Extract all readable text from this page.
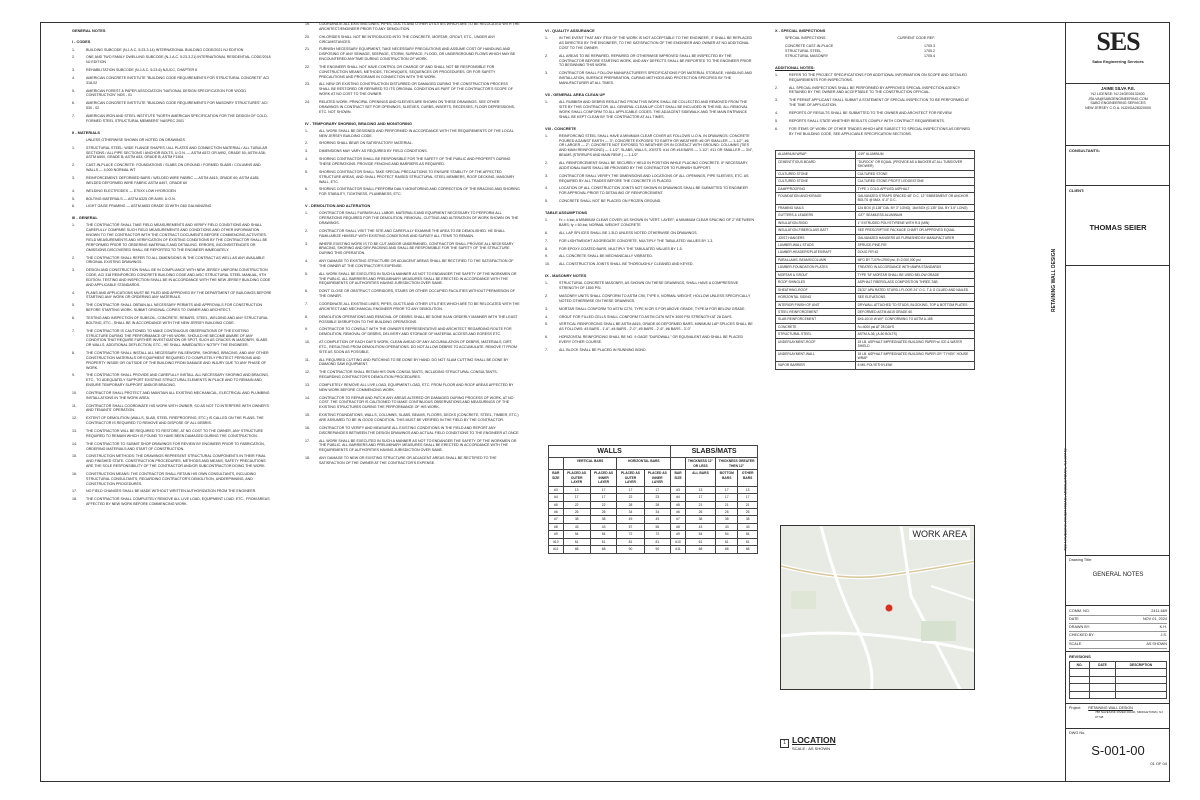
GENERAL NOTES
I - CODES
1.	BUILDING SUBCODE (N.J.A.C. 5:23-3.14) INTERNATIONAL BUILDING CODE/2021 NJ EDITION
2.	ONE AND TWO FAMILY DWELLING SUBCODE (N.J.A.C. 5:23-3.21) INTERNATIONAL RESIDENTIAL CODE/2018 NJ EDITION
3.	REHABILITATION SUBCODE (N.J.A.C. 5:23-6) NJUCC, CHAPTER 6
4.	AMERICAN CONCRETE INSTITUTE "BUILDING CODE REQUIREMENTS FOR STRUCTURAL CONCRETE" ACI 318-02
5.	AMERICAN FOREST & PAPER ASSOCIATION "NATIONAL DESIGN SPECIFICATION FOR WOOD CONSTRUCTION" NDS - 01
6.	AMERICAN CONCRETE INSTITUTE "BUILDING CODE REQUIREMENTS FOR MASONRY STRUCTURES" ACI 530 - 02
7.	AMERICAN IRON AND STEEL INSTITUTE "NORTH AMERICAN SPECIFICATION FOR THE DESIGN OF COLD-FORMED STEEL STRUCTURAL MEMBERS" NASPEC 2001
II - MATERIALS
UNLESS OTHERWISE SHOWN OR NOTED ON DRAWINGS
1.	STRUCTURAL STEEL: WIDE FLANGE SHAPES / ALL PLATES AND CONNECTION MATERIAL / ALL TUBULAR SECTIONS / ALL PIPE SECTIONS / ANCHOR BOLTS, U.O.N. — ASTM A572 OR A992, GRADE 50; ASTM A36; ASTM A500, GRADE B; ASTM A53, GRADE B; ASTM F1554
2.	CAST-IN-PLACE CONCRETE: FOUNDATIONS / SLABS ON GROUND / FORMED SLABS / COLUMNS AND WALLS — 4,000 NORMAL WT
3.	REINFORCEMENT: DEFORMED BARS / WELDED WIRE FABRIC — ASTM A615, GRADE 60; ASTM A185; WELDED DEFORMED WIRE FABRIC ASTM A497, GRADE 60
4.	WELDING ELECTRODES — E70XX LOW HYDROGEN
5.	BOLTING MATERIALS — ASTM A325 OR A490, U.O.N.
6.	LIGHT GAGE FRAMING — ASTM A653 GRADE 33 WITH G60 GALVANIZING
III - GENERAL
1.	THE CONTRACTOR SHALL TAKE FIELD MEASUREMENTS AND VERIFY FIELD CONDITIONS AND SHALL CAREFULLY COMPARE SUCH FIELD MEASUREMENTS AND CONDITIONS AND OTHER INFORMATION KNOWN TO THE CONTRACTOR WITH THE CONTRACT DOCUMENTS BEFORE COMMENCING ACTIVITIES. FIELD MEASUREMENTS AND VERIFICATION OF EXISTING CONDITIONS BY THE CONTRACTOR SHALL BE PERFORMED PRIOR TO ORDERING MATERIALS AND DETAILING. ERRORS, INCONSISTENCIES OR OMISSIONS DISCOVERED SHALL BE REPORTED TO THE ENGINEER IMMEDIATELY.
2.	THE CONTRACTOR SHALL REFER TO ALL DIMENSIONS IN THE CONTRACT AS WELL AS ANY AVAILABLE ORIGINAL EXISTING DRAWINGS.
3.	DESIGN AND CONSTRUCTION SHALL BE IN COMPLIANCE WITH NEW JERSEY UNIFORM CONSTRUCTION CODE, ACI 318 REINFORCED CONCRETE BUILDING CODE AND AISC STRUCTURAL STEEL MANUAL, 9TH EDITION. TESTING AND INSPECTION SHALL BE IN ACCORDANCE WITH THE NEW JERSEY BUILDING CODE AND APPLICABLE STANDARDS.
4.	PLANS AND APPLICATIONS MUST BE FILED AND APPROVED BY THE DEPARTMENT OF BUILDINGS BEFORE STARTING ANY WORK OR ORDERING ANY MATERIALS.
5.	THE CONTRACTOR SHALL OBTAIN ALL NECESSARY PERMITS AND APPROVALS FOR CONSTRUCTION BEFORE STARTING WORK. SUBMIT ORIGINAL COPIES TO OWNER AND ARCHITECT.
6.	TESTING AND INSPECTION OF SUBSOIL, CONCRETE, REBARS, STEEL, WELDING AND ANY STRUCTURAL BOLTING, ETC., SHALL BE IN ACCORDANCE WITH THE NEW JERSEY BUILDING CODE.
7.	THE CONTRACTOR IS CAUTIONED TO MAKE CONTINUOUS OBSERVATIONS OF THE EXISTING STRUCTURE DURING THE PERFORMANCE OF HIS WORK. SHOULD HE BECOME AWARE OF ANY CONDITION THAT REQUIRE FURTHER INVESTIGATION OR SPOT, SUCH AS CRACKS IN MASONRY, SLABS OR WALLS, ADDITIONAL DEFLECTION, ETC., HE SHALL IMMEDIATELY NOTIFY THE ENGINEER.
8.	THE CONTRACTOR SHALL INSTALL ALL NECESSARY FALSEWORK, SHORING, BRACING, AND ANY OTHER CONSTRUCTION MATERIALS OR EQUIPMENT REQUIRED TO COMPLETELY PROTECT PERSONS AND PROPERTY INSIDE OR OUTSIDE OF THE BUILDING FROM DAMAGE AND INJURY DUE TO ANY PHASE OF WORK.
9.	THE CONTRACTOR SHALL PROVIDE AND CAREFULLY INSTALL ALL NECESSARY SHORING AND BRACING, ETC., TO ADEQUATELY SUPPORT EXISTING STRUCTURAL ELEMENTS IN PLACE AND TO REMAIN AND ENSURE TEMPORARY SUPPORT AND/OR BRACING.
10.	CONTRACTOR SHALL PROTECT AND MAINTAIN ALL EXISTING MECHANICAL, ELECTRICAL AND PLUMBING INSTALLATIONS IN THE WORK AREA.
11.	CONTRACTOR SHALL COORDINATE HIS WORK WITH OWNER, SO AS NOT TO INTERFERE WITH OWNER'S AND TENANTS' OPERATION.
12.	EXTENT OF DEMOLITION (WALLS, SLAB, STEEL FIREPROOFING, ETC.) IS CALLED ON THE PLANS. THE CONTRACTOR IS REQUIRED TO REMOVE AND DISPOSE OF ALL DEBRIS.
13.	THE CONTRACTOR WILL BE REQUIRED TO RESTORE, AT NO COST TO THE OWNER, ANY STRUCTURE REQUIRED TO REMAIN WHICH IS FOUND TO HAVE BEEN DAMAGED DURING THE CONSTRUCTION.
14.	THE CONTRACTOR TO SUBMIT SHOP DRAWINGS FOR REVIEW BY ENGINEER PRIOR TO FABRICATION, ORDERING MATERIALS AND START OF CONSTRUCTION.
15.	CONSTRUCTION METHODS: THE DRAWINGS REPRESENT STRUCTURAL COMPONENTS IN THEIR FINAL AND FINISHED STATE. CONSTRUCTION PROCEDURES, METHODS AND MEANS, SAFETY PRECAUTIONS ARE THE SOLE RESPONSIBILITY OF THE CONTRACTOR AND/OR SUBCONTRACTOR DOING THE WORK.
16.	CONSTRUCTION MEANS: THE CONTRACTOR SHALL RETAIN HIS OWN CONSULTANTS, INCLUDING STRUCTURAL CONSULTANTS, REGARDING CONTRACTOR'S DEMOLITION, UNDERPINNING, AND CONSTRUCTION PROCEDURES.
17.	NO FIELD CHANGES SHALL BE MADE WITHOUT WRITTEN AUTHORIZATION FROM THE ENGINEER.
18.	THE CONTRACTOR SHALL COMPLETELY REMOVE ALL LIVE LOAD, EQUIPMENT LOAD, ETC., FROM AREAS AFFECTED BY NEW WORK BEFORE COMMENCING WORK.
19.	COORDINATE ALL EXISTING LINES, PIPES, DUCTS AND OTHER UTILITIES WHICH ARE TO BE RELOCATED WITH THE ARCHITECT/ENGINEER PRIOR TO ANY DEMOLITION.
20.	CHLORIDES SHALL NOT BE INTRODUCED INTO THE CONCRETE, MORTAR, GROUT, ETC., UNDER ANY CIRCUMSTANCES.
21.	FURNISH NECESSARY EQUIPMENT, TAKE NECESSARY PRECAUTIONS AND ASSUME COST OF HANDLING AND DISPOSING OF ANY SEWAGE, SEEPAGE, STORM, SURFACE, FLOOD, OR UNDERGROUND FLOWS WHICH MAY BE ENCOUNTERED ANYTIME DURING CONSTRUCTION OF WORK.
22.	THE ENGINEER SHALL NOT HAVE CONTROL OR CHARGE OF AND SHALL NOT BE RESPONSIBLE FOR CONSTRUCTION MEANS, METHODS, TECHNIQUES, SEQUENCES OR PROCEDURES, OR FOR SAFETY PRECAUTIONS AND PROGRAMS IN CONNECTION WITH THE WORK.
23.	ALL NEW OR EXISTING CONSTRUCTION DISTURBED OR DAMAGED DURING THE CONSTRUCTION PROCESS SHALL BE RESTORED OR REPAIRED TO ITS ORIGINAL CONDITION AS PART OF THE CONTRACTOR'S SCOPE OF WORK AT NO COST TO THE OWNER.
24.	RELATED WORK: PRINCIPAL OPENINGS AND SLEEVES ARE SHOWN ON THESE DRAWINGS. SEE OTHER DRAWINGS IN CONTRACT SET FOR OPENINGS, SLEEVES, CURBS, INSERTS, RECESSES, FLOOR DEPRESSIONS, ETC. NOT SHOWN.
IV - TEMPORARY SHORING, BRACING AND MONITORING
1.	ALL WORK SHALL BE DESIGNED AND PERFORMED IN ACCORDANCE WITH THE REQUIREMENTS OF THE LOCAL NEW JERSEY BUILDING CODE.
2.	SHORING SHALL BEAR ON SATISFACTORY MATERIAL.
3.	DIMENSIONS MAY VARY AS REQUIRED BY FIELD CONDITIONS.
4.	SHORING CONTRACTOR SHALL BE RESPONSIBLE FOR THE SAFETY OF THE PUBLIC AND PROPERTY DURING THESE OPERATIONS. PROVIDE FENCING AND BARRIERS AS REQUIRED.
5.	SHORING CONTRACTOR SHALL TAKE SPECIAL PRECAUTIONS TO ENSURE STABILITY OF THE AFFECTED STRUCTURE AREAS, AND SHALL PROTECT RAISED STRUCTURAL STEEL MEMBERS, ROOF DECKING, MASONRY WALL, ETC.
6.	SHORING CONTRACTOR SHALL PERFORM DAILY MONITORING AND CORRECTION OF THE BRACING AND SHORING FOR STABILITY, TIGHTNESS, PLUMBNESS, ETC.
V - DEMOLITION AND ALTERATION
1.	CONTRACTOR SHALL FURNISH ALL LABOR, MATERIALS AND EQUIPMENT NECESSARY TO PERFORM ALL OPERATIONS REQUIRED FOR THE DEMOLITION, REMOVAL, CUTTING AND ALTERATION OF WORK SHOWN ON THE DRAWINGS.
2.	CONTRACTOR SHALL VISIT THE SITE AND CAREFULLY EXAMINE THE AREA TO BE DEMOLISHED. HE SHALL FAMILIARIZE HIMSELF WITH EXISTING CONDITIONS AND SURVEY ALL ITEMS TO REMAIN.
3.	WHERE EXISTING WORK IS TO BE CUT AND/OR UNDERMINED, CONTRACTOR SHALL PROVIDE ALL NECESSARY BRACING, SHORING AND DRY-PACKING AND SHALL BE RESPONSIBLE FOR THE SAFETY OF THE STRUCTURE DURING THIS OPERATION.
4.	ANY DAMAGE TO EXISTING STRUCTURE OR ADJACENT AREAS SHALL BE RECTIFIED TO THE SATISFACTION OF THE OWNER AT THE CONTRACTOR'S EXPENSE.
5.	ALL WORK SHALL BE EXECUTED IN SUCH A MANNER AS NOT TO ENDANGER THE SAFETY OF THE WORKMEN OR THE PUBLIC. ALL BARRIERS AND PRELIMINARY MEASURES SHALL BE ERECTED IN ACCORDANCE WITH THE REQUIREMENTS OF AUTHORITIES HAVING JURISDICTION OVER SAME.
6.	DON'T CLOSE OR OBSTRUCT CORRIDORS, STAIRS OR OTHER OCCUPIED FACILITIES WITHOUT PERMISSION OF THE OWNER.
7.	COORDINATE ALL EXISTING LINES, PIPES, DUCTS AND OTHER UTILITIES WHICH ARE TO BE RELOCATED WITH THE ARCHITECT AND MECHANICAL ENGINEER PRIOR TO ANY DEMOLITION.
8.	DEMOLITION OPERATIONS AND REMOVAL OF DEBRIS SHALL BE DONE IN AN ORDERLY MANNER WITH THE LEAST POSSIBLE DISRUPTION TO THE BUILDING OPERATIONS.
9.	CONTRACTOR TO CONSULT WITH THE OWNER'S REPRESENTATIVE AND ARCHITECT REGARDING ROUTE FOR DEMOLITION, REMOVAL OF DEBRIS, DELIVERY AND STORAGE OF MATERIAL ACCESS AND EGRESS ETC.
10.	AT COMPLETION OF EACH DAY'S WORK, CLEAN AHEAD OF ANY ACCUMULATION OF DEBRIS, MATERIALS, DIRT, ETC., RESULTING FROM DEMOLITION OPERATIONS. DO NOT ALLOW DEBRIS TO ACCUMULATE. REMOVE IT FROM SITE AS SOON AS POSSIBLE.
11.	ALL REQUIRED CUTTING AND PATCHING TO BE DONE BY HAND. DO NOT SLAM CUTTING SHALL BE DONE BY DIAMOND SAW EQUIPMENT.
12.	THE CONTRACTOR SHALL RETAIN HIS OWN CONSULTANTS, INCLUDING STRUCTURAL CONSULTANTS, REGARDING CONTRACTOR'S DEMOLITION PROCEDURES.
13.	COMPLETELY REMOVE ALL LIVE LOAD, EQUIPMENT LOAD, ETC. FROM FLOOR AND ROOF AREAS AFFECTED BY NEW WORK BEFORE COMMENCING WORK.
14.	CONTRACTOR TO REPAIR AND PATCH ANY AREAS ALTERED OR DAMAGED DURING PROCESS OF WORK, AT NO COST. THE CONTRACTOR IS CAUTIONED TO MAKE CONTINUOUS OBSERVATIONS AND MEASURINGS OF THE EXISTING STRUCTURES DURING THE PERFORMANCE OF HIS WORK.
15.	EXISTING FOUNDATIONS, WALLS, COLUMNS, SLABS, BEAMS, FLOORS, DECKS (CONCRETE, STEEL, TIMBER, ETC.) ARE ASSUMED TO BE IN GOOD CONDITION. THIS MUST BE VERIFIED IN THE FIELD BY THE CONTRACTOR.
16.	CONTRACTOR TO VERIFY AND MEASURE ALL EXISTING CONDITIONS IN THE FIELD AND REPORT ANY DISCREPANCIES BETWEEN THE DESIGN DRAWINGS AND ACTUAL FIELD CONDITIONS TO THE ENGINEER AT ONCE.
17.	ALL WORK SHALL BE EXECUTED IN SUCH A MANNER AS NOT TO ENDANGER THE SAFETY OF THE WORKMEN OR THE PUBLIC. ALL BARRIERS AND PRELIMINARY MEASURES SHALL BE ERECTED IN ACCORDANCE WITH THE REQUIREMENTS OF AUTHORITIES HAVING JURISDICTION OVER SAME.
18.	ANY DAMAGE TO NEW OR EXISTING STRUCTURE OR ADJACENT AREAS SHALL BE RECTIFIED TO THE SATISFACTION OF THE OWNER AT THE CONTRACTOR'S EXPENSE.
VI - QUALITY ASSURANCE
1.	IN THE EVENT THAT ANY ITEM OF THE WORK IS NOT ACCEPTABLE TO THE ENGINEER, IT SHALL BE REPLACED AS DIRECTED BY THE ENGINEER, TO THE SATISFACTION OF THE ENGINEER AND OWNER AT NO ADDITIONAL COST TO THE OWNER.
2.	ALL AREAS TO BE REPAIRED, REPAIRED OR OTHERWISE IMPROVED SHALL BE INSPECTED BY THE CONTRACTOR BEFORE STARTING WORK, AND ANY DEFECTS SHALL BE REPORTED TO THE ENGINEER PRIOR TO BEGINNING THIS WORK.
3.	CONTRACTOR SHALL FOLLOW MANUFACTURER'S SPECIFICATIONS FOR MATERIAL STORAGE, HANDLING AND INSTALLATION, SURFACE PREPARATION, CURING METHODS AND PROTECTION SPECIFIED BY THE MANUFACTURER AT ALL TIMES.
VII - GENERAL AREA CLEAN UP
1.	ALL RUBBISH AND DEBRIS RESULTING FROM THIS WORK SHALL BE COLLECTED AND REMOVED FROM THE SITE BY THIS CONTRACTOR. ALL GENERAL CLEAN-UP COST SHALL BE INCLUDED IN THE BID. ALL REMOVAL WORK SHALL CONFORM TO ALL APPLICABLE CODES. THE ADJACENT SIDEWALK AND THE MAIN ENTRANCE SHALL BE KEPT CLEAN BY THE CONTRACTOR AT ALL TIMES.
VIII - CONCRETE
1.	REINFORCING STEEL SHALL HAVE A MINIMUM CLEAR COVER AS FOLLOWS U.O.N. IN DRAWINGS: CONCRETE POURED AGAINST EARTH — 3"; CONCRETE EXPOSED TO EARTH OR WEATHER: #6 OR SMALLER — 1-1/2", #6 OR LARGER — 2"; CONCRETE NOT EXPOSED TO WEATHER OR IN CONTACT WITH GROUND: COLUMNS (TIES AND MAIN REINFORCING) — 1-1/2", SLABS, WALLS, JOISTS: #14 OR #18 BARS — 1-1/2", #11 OR SMALLER — 3/4", BEAMS (STIRRUPS AND MAIN RENF.) — 1-1/2"
2.	ALL REINFORCEMENT SHALL BE SECURELY HELD IN POSITION WHILE PLACING CONCRETE. IF NECESSARY, ADDITIONAL BARS SHALL BE PROVIDED BY THE CONTRACTOR TO FURNISH SUPPORT.
3.	CONTRACTOR SHALL VERIFY THE DIMENSIONS AND LOCATIONS OF ALL OPENINGS, PIPE SLEEVES, ETC. AS REQUIRED BY ALL TRADES BEFORE THE CONCRETE IS PLACED.
4.	LOCATION OF ALL CONSTRUCTION JOINTS NOT SHOWN IN DRAWINGS SHALL BE SUBMITTED TO ENGINEER FOR APPROVAL PRIOR TO DETAILING OF REINFORCEMENT.
5.	CONCRETE SHALL NOT BE PLACED ON FROZEN GROUND.
TABLE ASSUMPTIONS
1.	f'c = 4 ksi; A MINIMUM CLEAR COVER; AS SHOWN IN "VERT. LAYER"; A MINIMUM CLEAR SPACING OF 2" BETWEEN BARS; fy = 60 ksi; NORMAL WEIGHT CONCRETE
6.	ALL LAP SPLICES SHALL BE 1.3LD UNLESS NOTED OTHERWISE ON DRAWINGS.
7.	FOR LIGHTWEIGHT AGGREGATE CONCRETE, MULTIPLY THE TABULATED VALUES BY 1.3.
8.	FOR EPOXY-COATED BARS, MULTIPLY THE TABULATED VALUES BY 1.5.
9.	ALL CONCRETE SHALL BE MECHANICALLY VIBRATED.
10.	ALL CONSTRUCTION JOINTS SHALL BE THOROUGHLY CLEANED AND KEYED.
IX - MASONRY NOTES
1.	STRUCTURAL CONCRETE MASONRY, AS SHOWN ON THESE DRAWINGS, SHALL HAVE A COMPRESSIVE STRENGTH OF 1500 PSI.
2.	MASONRY UNITS SHALL CONFORM TO ASTM C90, TYPE II, NORMAL WEIGHT, HOLLOW UNLESS SPECIFICALLY NOTED OTHERWISE ON THESE DRAWINGS.
3.	MORTAR SHALL CONFORM TO ASTM C270, TYPE M OR S FOR ABOVE GRADE, TYPE M FOR BELOW GRADE.
4.	GROUT FOR FILLED CELLS SHALL CONFORM TO ASTM C476 WITH 3000 PSI STRENGTH AT 28 DAYS.
5.	VERTICAL REINFORCING SHALL BE ASTM A615, GRADE 60 DEFORMED BARS. MINIMUM LAP SPLICES SHALL BE AS FOLLOWS: #3 BARS - 1'-6", #4 BARS - 2'-0", #5 BARS - 2'-6", #6 BARS - 3'-0"
6.	HORIZONTAL REINFORCING SHALL BE NO. 9 GAGE "DUROWALL" OR EQUIVALENT AND SHALL BE PLACED EVERY OTHER COURSE.
7.	ALL BLOCK SHALL BE PLACED IN RUNNING BOND.
WALLS					SLABS/MATS			
	VERTICAL BARS		HORIZONTAL BARS			THICKNESS 12" OR LESS	THICKNESS GREATER THEN 12"	
BAR SIZE	PLACED AS OUTER LAYER	PLACED AS INNER LAYER	PLACED AS OUTER LAYER	PLACED AS INNER LAYER	BAR SIZE	ALL BARS	BOTTOM BARS	OTHER BARS
#3	13	17	17	17	#3	13	17	13
#4	17	17	22	23	#4	17	17	17
#5	22	22	28	28	#5	21	21	21
#6	26	26	34	34	#6	26	26	26
#7	38	38	49	49	#7	38	38	38
#8	43	43	57	56	#8	43	43	43
#9	54	54	72	72	#9	54	54	54
#10	61	61	81	81	#10	61	61	61
#11	68	68	90	90	#11	68	68	68
X - SPECIAL INSPECTIONS
SPECIAL INSPECTIONS	CURRENT CODE REF.
CONCRETE CAST-IN-PLACE	1705.3
STRUCTURAL STEEL	1705.2
STRUCTURAL MASONRY	1705.4
ADDITIONAL NOTES:
1.	REFER TO THE PROJECT SPECIFICATIONS FOR ADDITIONAL INFORMATION ON SCOPE AND DETAILED REQUIREMENTS FOR INSPECTIONS.
2.	ALL SPECIAL INSPECTIONS SHALL BE PERFORMED BY APPROVED SPECIAL INSPECTION AGENCY RETAINED BY THE OWNER AND ACCEPTABLE TO THE CONSTRUCTION OFFICIAL.
3.	THE PERMIT APPLICANT SHALL SUBMIT A STATEMENT OF SPECIAL INSPECTION TO BE PERFORMED AT THE TIME OF APPLICATION.
4.	REPORTS OF RESULTS SHALL BE SUBMITTED TO THE OWNER AND ARCHITECT FOR REVIEW.
5.	REPORTS SHALL STATE WHETHER RESULTS COMPLY WITH CONTRACT REQUIREMENTS.
6.	FOR ITEMS OF WORK OF OTHER TRADES WHICH ARE SUBJECT TO SPECIAL INSPECTIONS AS DEFINED BY THE BUILDING CODE, SEE APPLICABLE SPECIFICATION SECTIONS.
ALUMINUM WRAP	.019" ALUMINUM
CEMENTITIOUS BOARD	"DUROCK" OR EQUAL (PROVIDE AS A BACKER AT ALL TUBS/OVER SHOWER)
CULTURED STONE	CULTURED STONE
CULTURED STONE	CULTURED STONE PROFIT LEDGESTONE
DAMPPROOFING	TYPE 1 COLD-APPLIED ASPHALT
FOUNDATION ANCHORAGE	GALVANIZED STRAPS SPACED 48" O.C. 12" EMBEDMENT OR ANCHOR BOLTS @ MAX. 6'-0" O.C.
FRAMING NAILS	12d BOX (0.128" DIA. BY 3" LONG), 16d BOX (0.135" DIA. BY 3.5" LONG)
GUTTERS & LEADERS	.027" SEAMLESS ALUMINUM
INSULATION-RIGID	1" EXTRUDED POLYSTYRENE WITH R-5 (MIN)
INSULATION-FIBERGLASS BATT	SEE PRESCRIPTIVE PACKAGE CHART OR APPROVED EQUAL
JOIST HANGERS	GALVANIZED HANGERS AS FURNISHED BY MANUFACTURER
LUMBER-WALL STUDS	SPRUCE-PINE-FIR
LUMBER-HEADERS/PLATES/RAFT	DOUG FIR #2
PARALLAMS, BEAMS/COLUMN	MFG BY TJI Fb=2900 psi, E=2,000,000 psi
LUMBER-FOUNDATION PLATES	TREATED IN ACCORDANCE WITH AWPA STANDARDS
MORTAR & GROUT	TYPE "M" MORTAR SHALL BE USED BELOW GRADE
ROOF SHINGLES	ASPHALT FIBERGLASS COMPOSITION THREE-TAB
SHEATHING-ROOF	23/32" APA RATED STURD-I-FLOOR 24" O.C. T & G GLUED AND NAILED
HORIZONTAL SIDING	SEE ELEVATIONS
INTERIOR FINISH OF UNIT	DRYWALL ATTACHED TO STUDS, BLOCKING, TOP & BOTTOM PLATES
STEEL REINFORCEMENT	DEFORMED ASTM A615 GRADE 60
SLAB REINFORCEMENT	6X6-10/10 W.W.F. CONFORMING TO ASTM A-185
CONCRETE	f'c=4000 psi AT 28 DAYS
STRUCTURAL STEEL	ASTM A-36, (A-50 BOLTS)
UNDERLAYMENT-ROOF	15 LB. ASPHALT IMPREGNATED BUILDING PAPER w/ ICE & WATER SHIELD
UNDERLAYMENT-WALL	15 LB. ASPHALT IMPREGNATED BUILDING PAPER OR "TYVEK" HOUSE WRAP
VAPOR BARRIER	6 MIL POLYETHYLENE
WORK AREA
1 LOCATION
SCALE : AS SHOWN
RETAINING WALL DESIGN
788 NAVESINK RIVER ROAD, MIDDLETOWN, NJ 07748
SES
Sabo Engineering Services
JAIME SILVA P.E.
NJ LICENSE: NJ 24GE05132400
JSILVA@SABOENGINEERING.COM
SABO ENGINEERING SERVICES
NEW JERSEY C.O.A. NJ24GA28320000
CONSULTANTS:
CLIENT:
THOMAS SEIER
Drawing Title:
GENERAL NOTES
COMM. NO.	2411-669
DATE	NOV 01, 2024
DRAWN BY:	K.H.
CHECKED BY:	J.S.
SCALE	AS SHOWN
REVISIONS
NO.	DATE	DESCRIPTION

Project: RETAINING WALL DESIGN
788 NAVESINK RIVER ROAD, MIDDLETOWN, NJ 07748
DWG No.
S-001-00
01 OF 04
